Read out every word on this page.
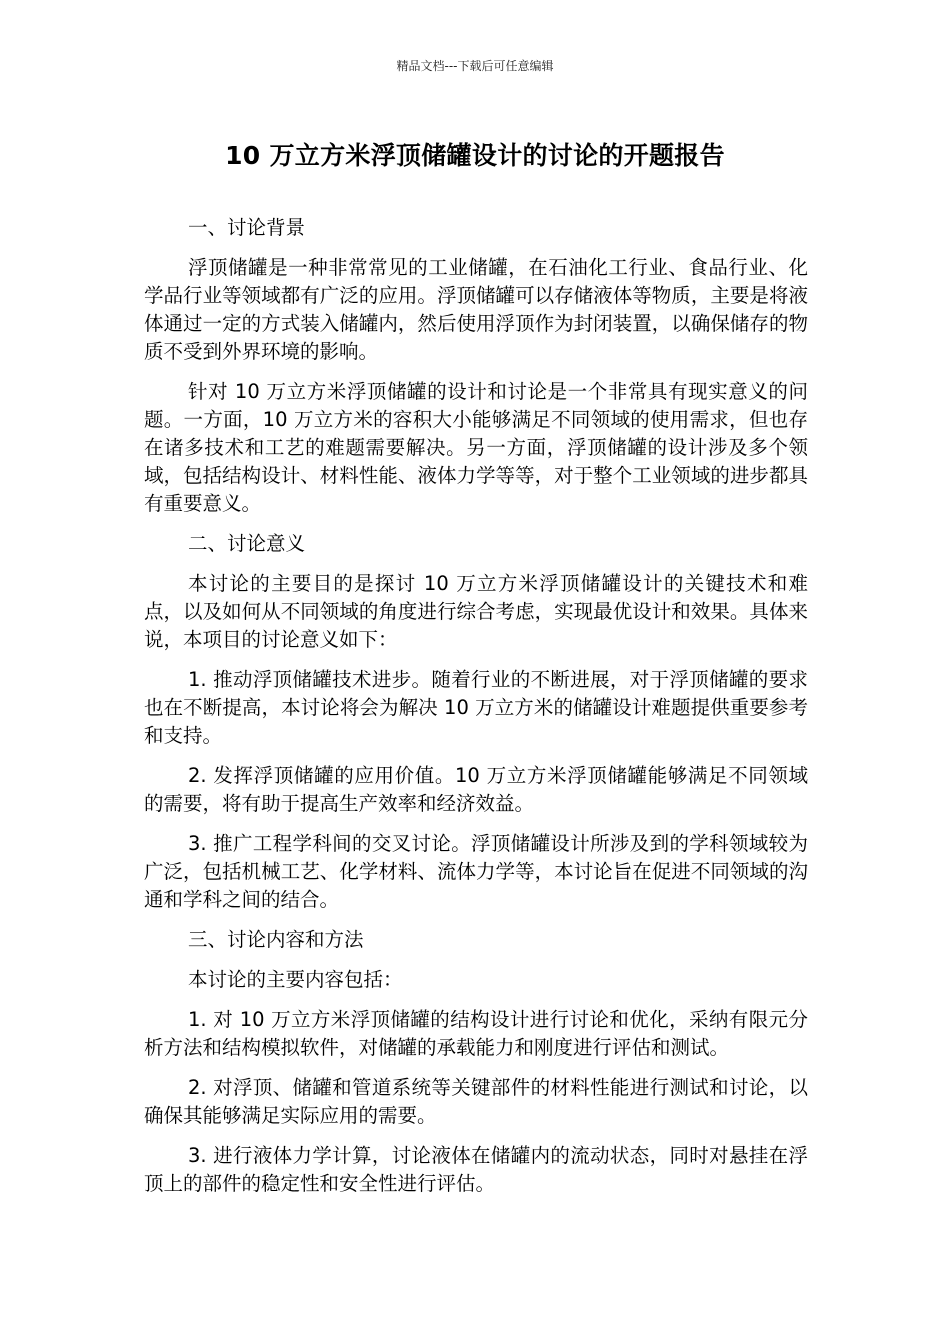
精品文档---下载后可任意编辑
10 万立方米浮顶储罐设计的讨论的开题报告

一、讨论背景

浮顶储罐是一种非常常见的工业储罐，在石油化工行业、食品行业、化学品行业等领域都有广泛的应用。浮顶储罐可以存储液体等物质，主要是将液体通过一定的方式装入储罐内，然后使用浮顶作为封闭装置，以确保储存的物质不受到外界环境的影响。

针对 10 万立方米浮顶储罐的设计和讨论是一个非常具有现实意义的问题。一方面，10 万立方米的容积大小能够满足不同领域的使用需求，但也存在诸多技术和工艺的难题需要解决。另一方面，浮顶储罐的设计涉及多个领域，包括结构设计、材料性能、液体力学等等，对于整个工业领域的进步都具有重要意义。

二、讨论意义

本讨论的主要目的是探讨 10 万立方米浮顶储罐设计的关键技术和难点，以及如何从不同领域的角度进行综合考虑，实现最优设计和效果。具体来说，本项目的讨论意义如下：

1. 推动浮顶储罐技术进步。随着行业的不断进展，对于浮顶储罐的要求也在不断提高，本讨论将会为解决 10 万立方米的储罐设计难题提供重要参考和支持。

2. 发挥浮顶储罐的应用价值。10 万立方米浮顶储罐能够满足不同领域的需要，将有助于提高生产效率和经济效益。

3. 推广工程学科间的交叉讨论。浮顶储罐设计所涉及到的学科领域较为广泛，包括机械工艺、化学材料、流体力学等，本讨论旨在促进不同领域的沟通和学科之间的结合。

三、讨论内容和方法

本讨论的主要内容包括：

1. 对 10 万立方米浮顶储罐的结构设计进行讨论和优化，采纳有限元分析方法和结构模拟软件，对储罐的承载能力和刚度进行评估和测试。

2. 对浮顶、储罐和管道系统等关键部件的材料性能进行测试和讨论，以确保其能够满足实际应用的需要。

3. 进行液体力学计算，讨论液体在储罐内的流动状态，同时对悬挂在浮顶上的部件的稳定性和安全性进行评估。
